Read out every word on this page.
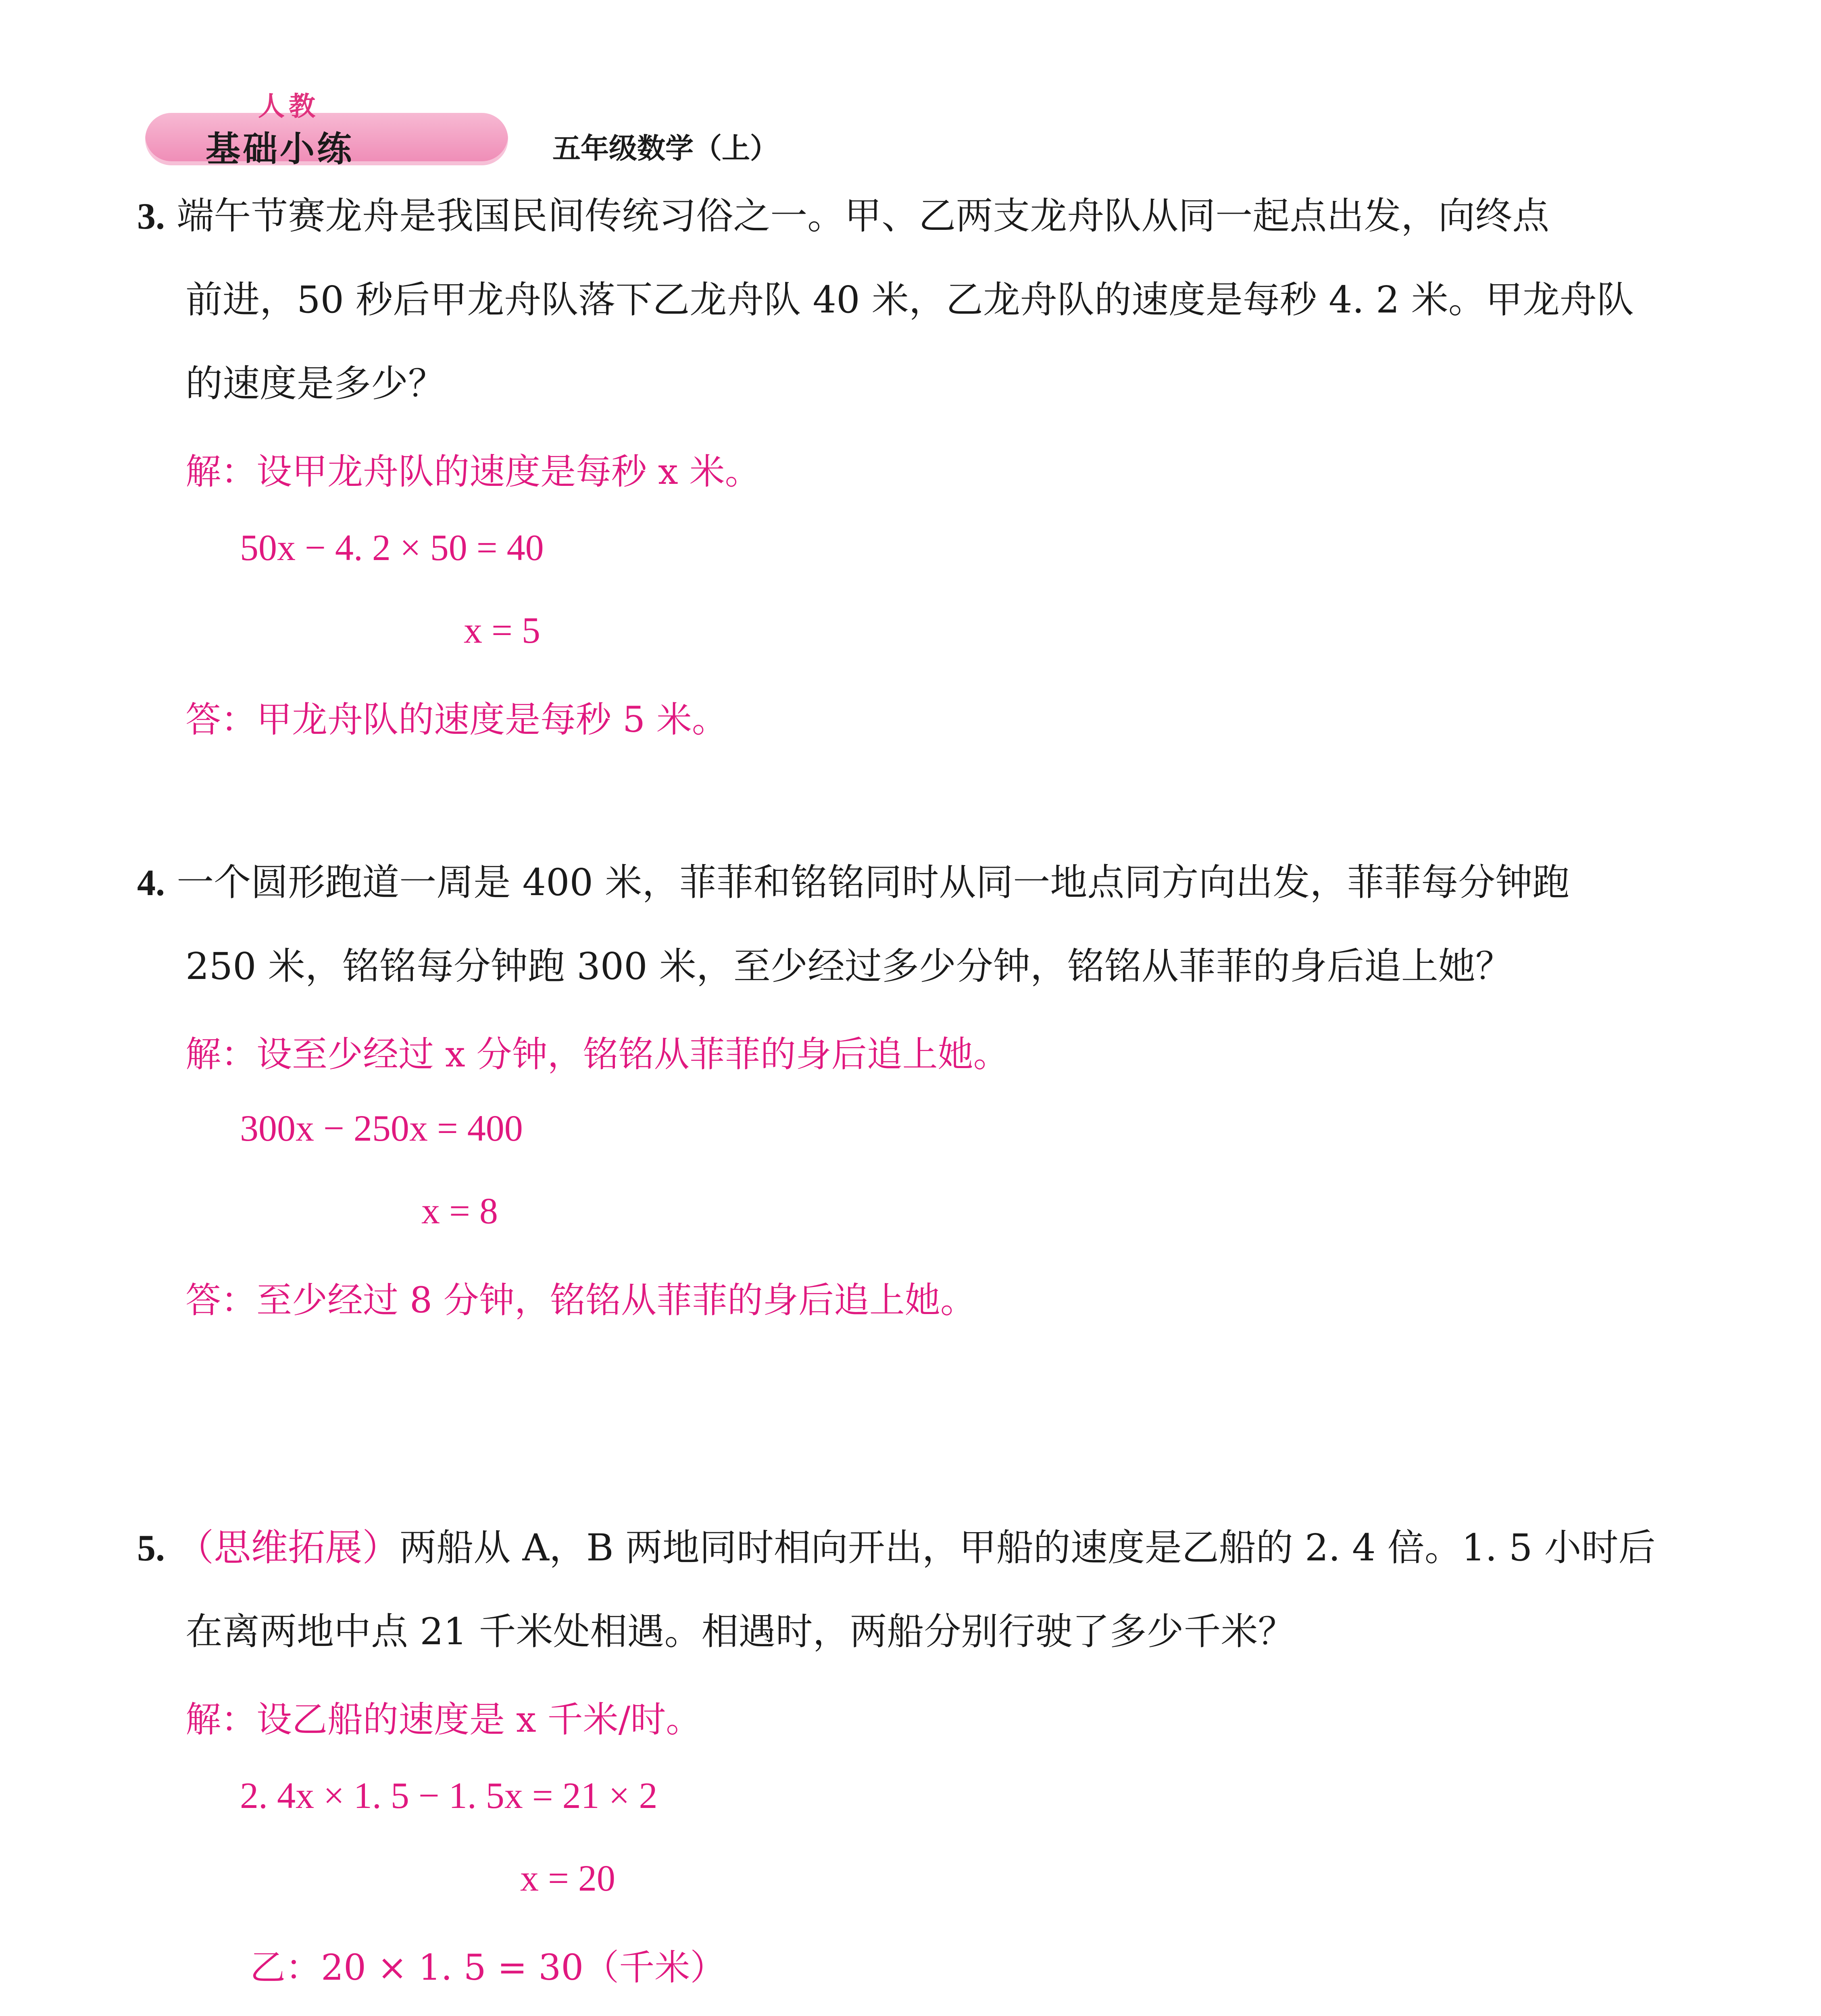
人教
基础小练	五年级数学（上）
3. 端午节赛龙舟是我国民间传统习俗之一。甲、乙两支龙舟队从同一起点出发，向终点
前进，50 秒后甲龙舟队落下乙龙舟队 40 米，乙龙舟队的速度是每秒 4. 2 米。甲龙舟队
的速度是多少？
解：设甲龙舟队的速度是每秒 x 米。
50x − 4. 2 × 50 = 40
x = 5
答：甲龙舟队的速度是每秒 5 米。
4. 一个圆形跑道一周是 400 米，菲菲和铭铭同时从同一地点同方向出发，菲菲每分钟跑
250 米，铭铭每分钟跑 300 米，至少经过多少分钟，铭铭从菲菲的身后追上她？
解：设至少经过 x 分钟，铭铭从菲菲的身后追上她。
300x − 250x = 400
x = 8
答：至少经过 8 分钟，铭铭从菲菲的身后追上她。
5. （思维拓展）两船从 A，B 两地同时相向开出，甲船的速度是乙船的 2. 4 倍。1. 5 小时后
在离两地中点 21 千米处相遇。相遇时，两船分别行驶了多少千米？
解：设乙船的速度是 x 千米/时。
2. 4x × 1. 5 − 1. 5x = 21 × 2
x = 20
乙：20 × 1. 5 = 30（千米）
